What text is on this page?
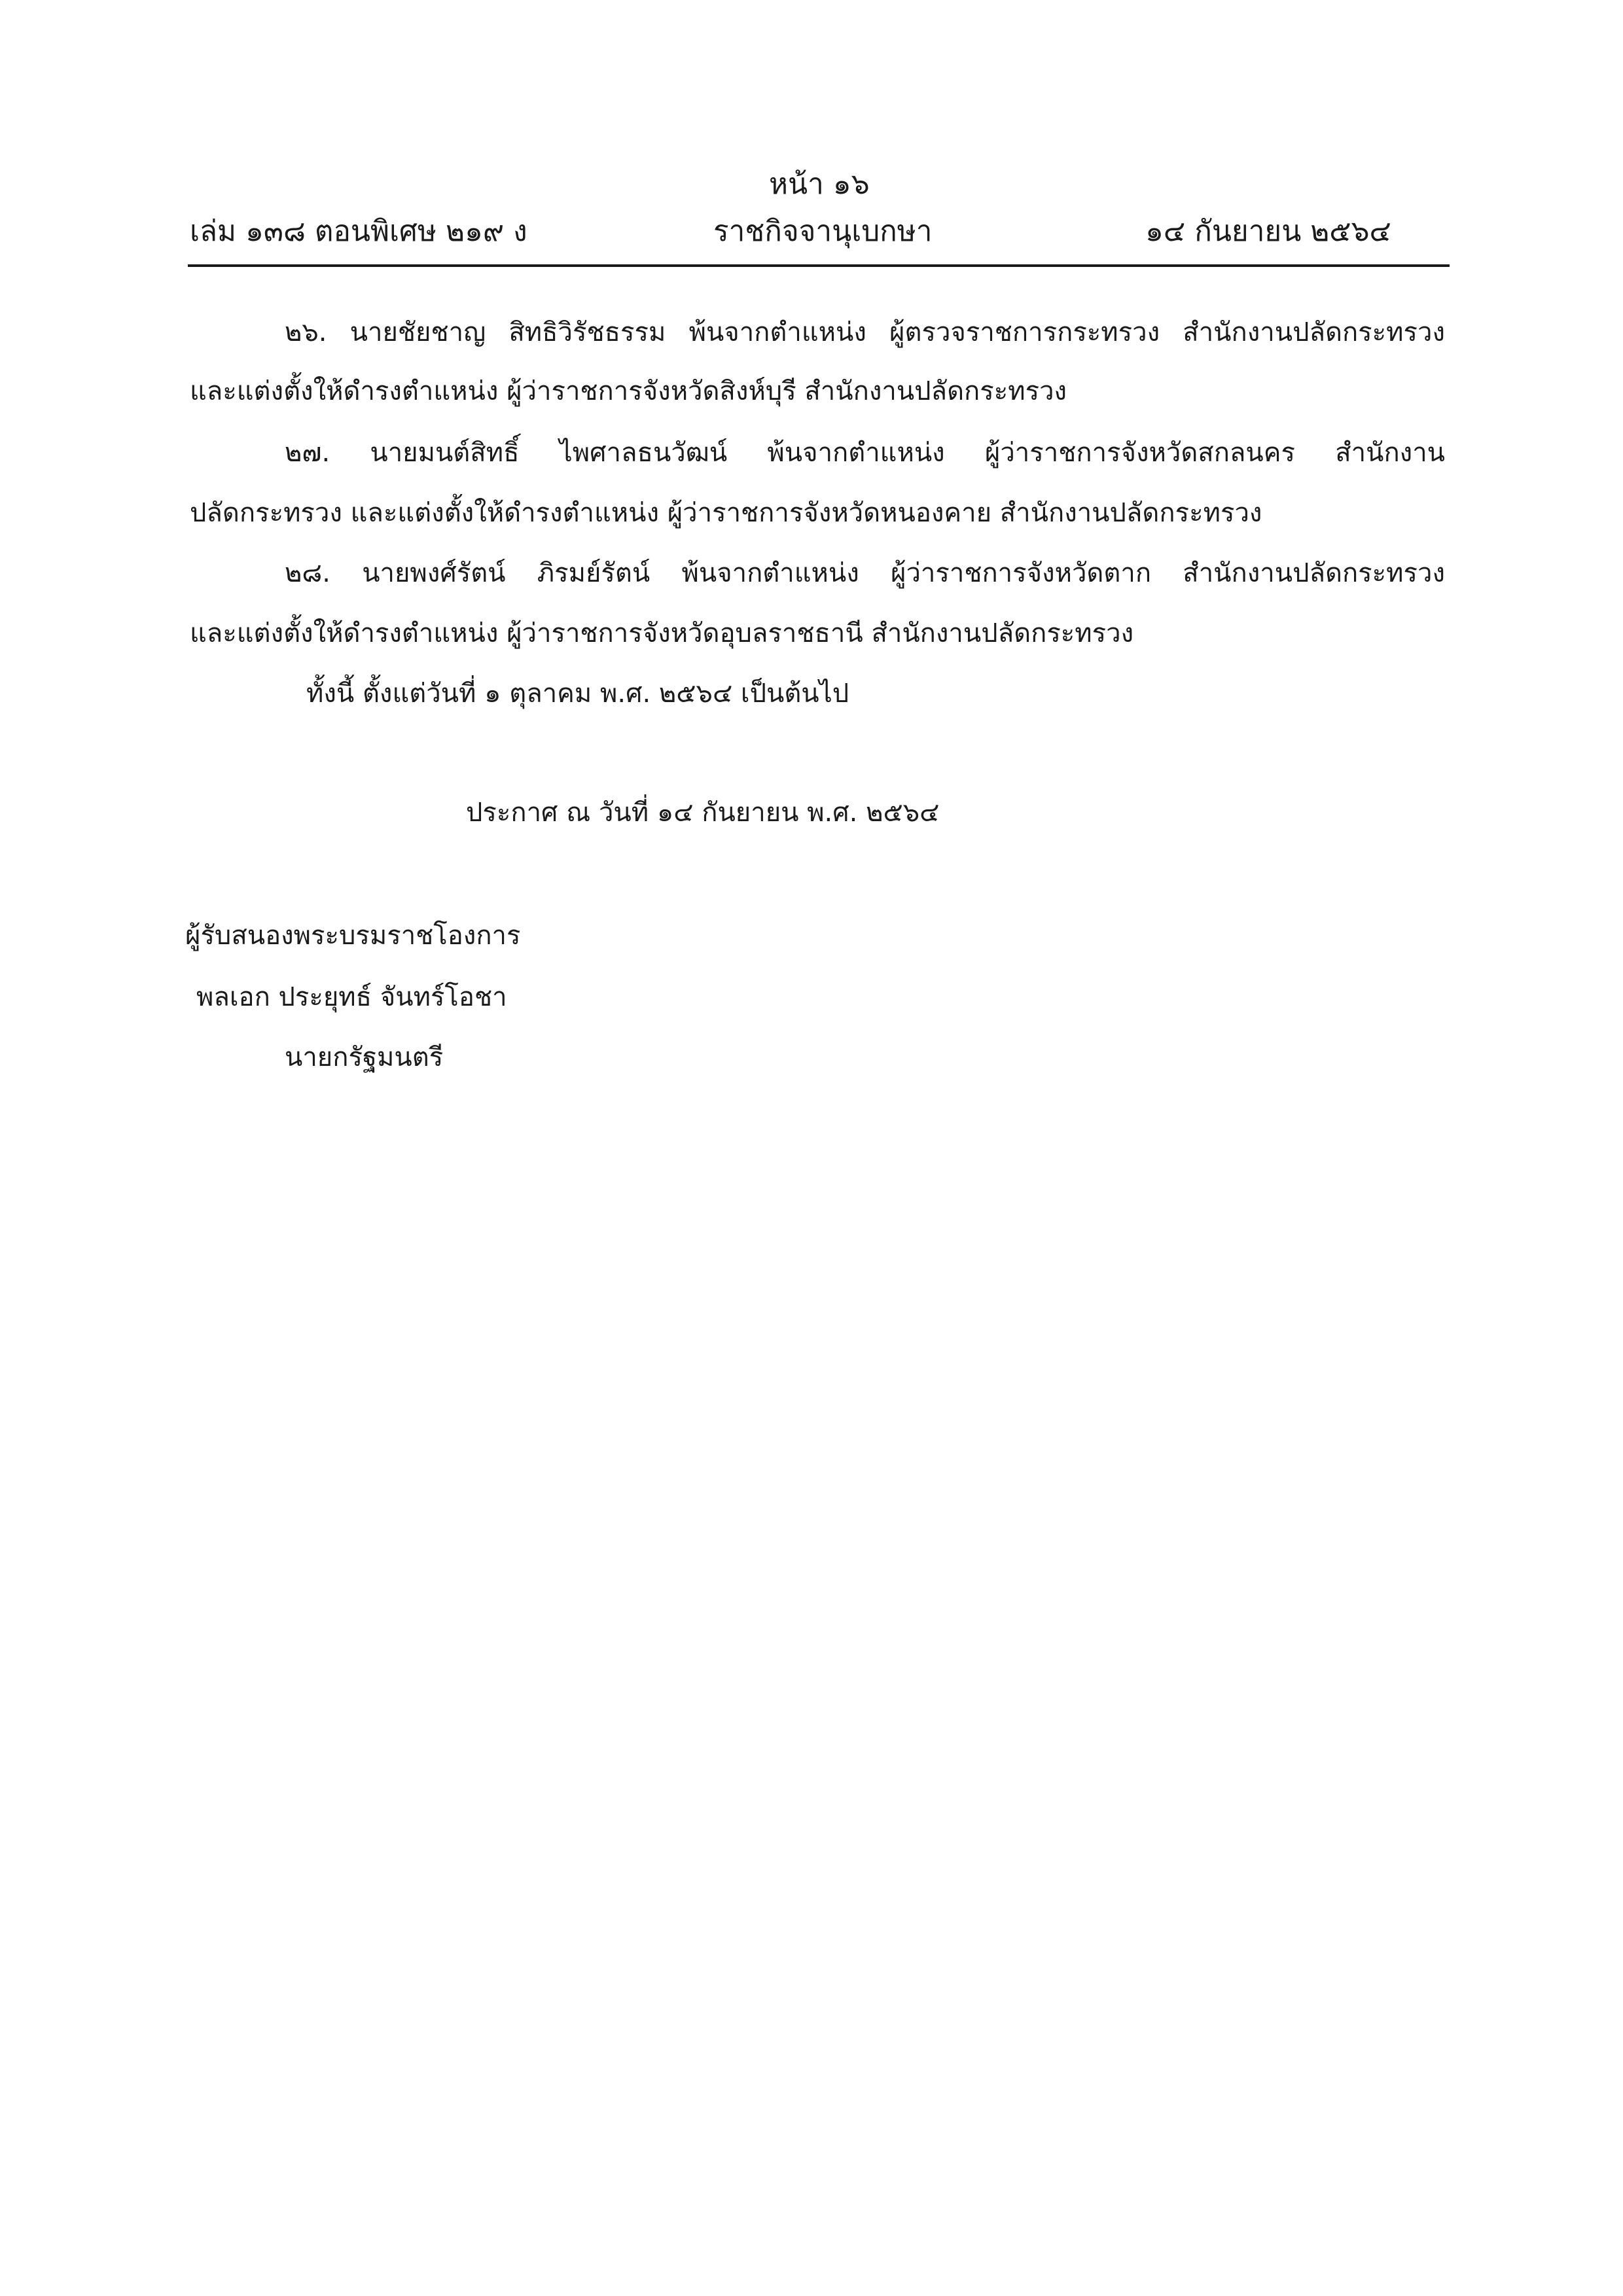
หน้า ๑๖
เล่ม ๑๓๘ ตอนพิเศษ ๒๑๙ ง	ราชกิจจานุเบกษา	๑๔ กันยายน ๒๕๖๔
๒๖. นายชัยชาญ สิทธิวิรัชธรรม พ้นจากตำแหน่ง ผู้ตรวจราชการกระทรวง สำนักงานปลัดกระทรวง
และแต่งตั้งให้ดำรงตำแหน่ง ผู้ว่าราชการจังหวัดสิงห์บุรี สำนักงานปลัดกระทรวง
๒๗. นายมนต์สิทธิ์ ไพศาลธนวัฒน์ พ้นจากตำแหน่ง ผู้ว่าราชการจังหวัดสกลนคร สำนักงาน
ปลัดกระทรวง และแต่งตั้งให้ดำรงตำแหน่ง ผู้ว่าราชการจังหวัดหนองคาย สำนักงานปลัดกระทรวง
๒๘. นายพงศ์รัตน์ ภิรมย์รัตน์ พ้นจากตำแหน่ง ผู้ว่าราชการจังหวัดตาก สำนักงานปลัดกระทรวง
และแต่งตั้งให้ดำรงตำแหน่ง ผู้ว่าราชการจังหวัดอุบลราชธานี สำนักงานปลัดกระทรวง
ทั้งนี้ ตั้งแต่วันที่ ๑ ตุลาคม พ.ศ. ๒๕๖๔ เป็นต้นไป
ประกาศ ณ วันที่ ๑๔ กันยายน พ.ศ. ๒๕๖๔
ผู้รับสนองพระบรมราชโองการ
พลเอก ประยุทธ์ จันทร์โอชา
นายกรัฐมนตรี
